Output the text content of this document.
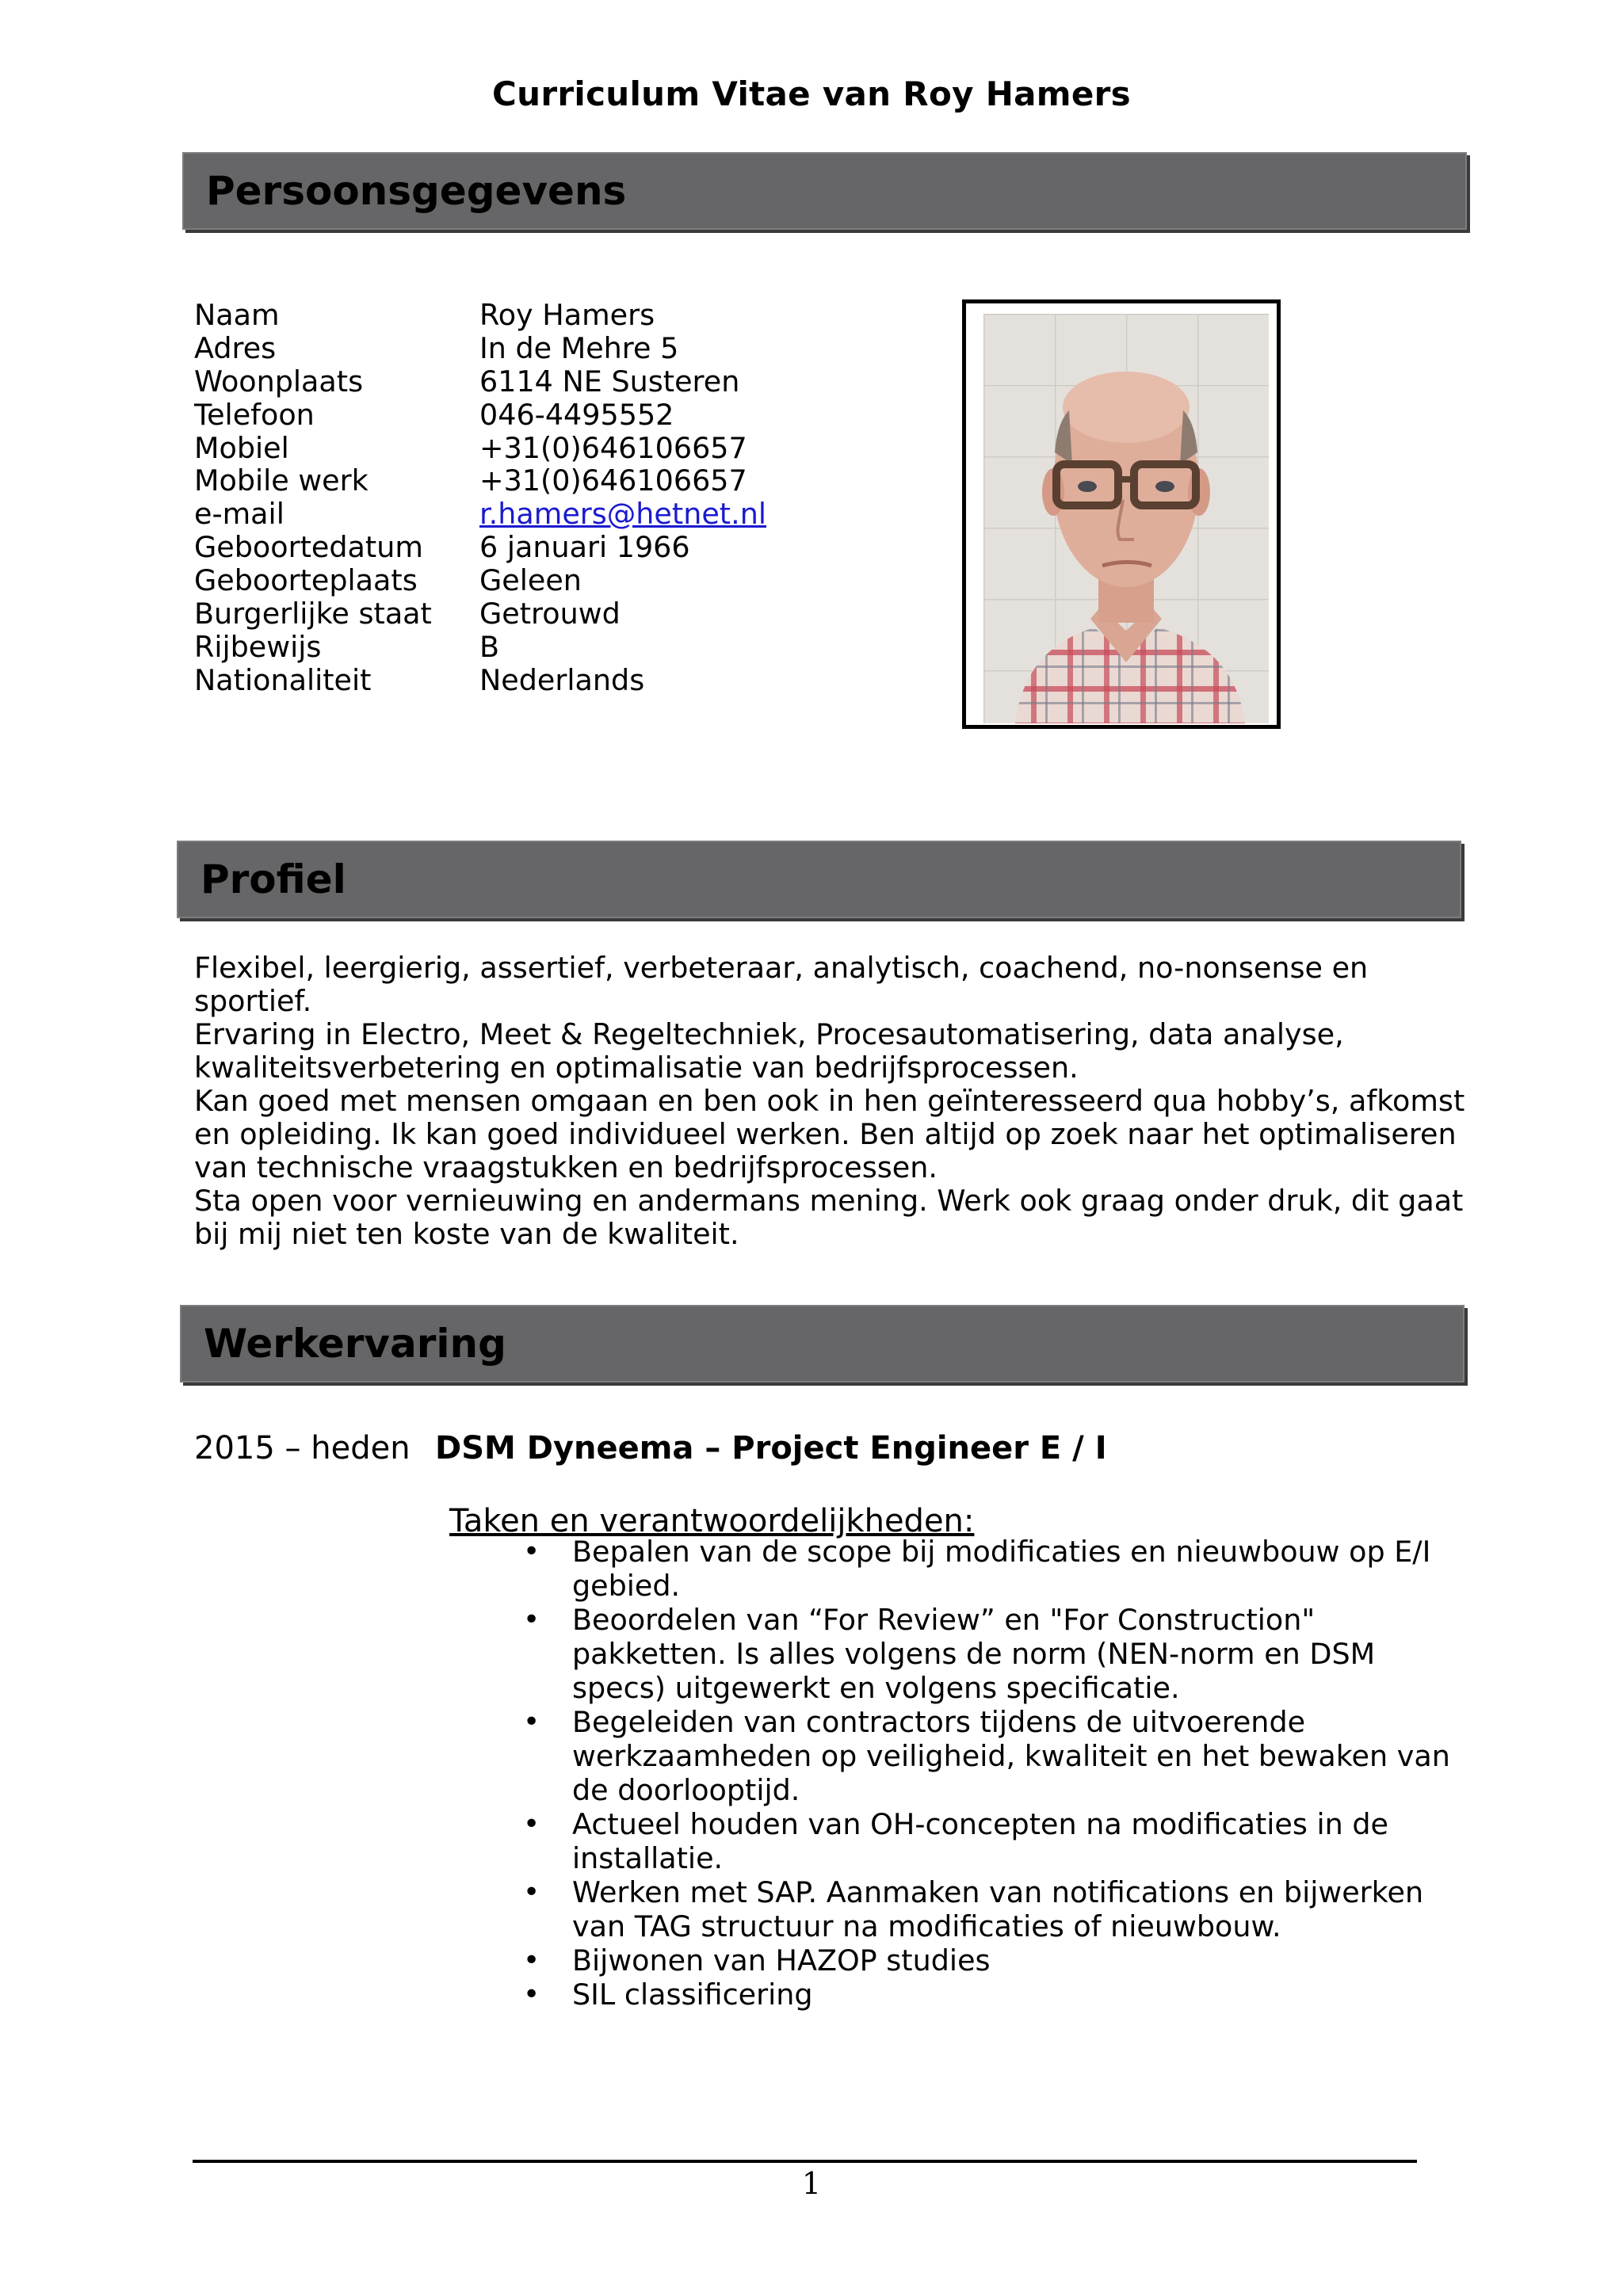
Curriculum Vitae van Roy Hamers
Persoonsgegevens
Naam	Roy Hamers
Adres	In de Mehre 5
Woonplaats	6114 NE Susteren
Telefoon	046-4495552
Mobiel	+31(0)646106657
Mobile werk	+31(0)646106657
e-mail	r.hamers@hetnet.nl
Geboortedatum	6 januari 1966
Geboorteplaats	Geleen
Burgerlijke staat	Getrouwd
Rijbewijs	B
Nationaliteit	Nederlands
Profiel

Flexibel, leergierig, assertief, verbeteraar, analytisch, coachend, no-nonsense en sportief.

Ervaring in Electro, Meet & Regeltechniek, Procesautomatisering, data analyse,

kwaliteitsverbetering en optimalisatie van bedrijfsprocessen.

Kan goed met mensen omgaan en ben ook in hen geïnteresseerd qua hobby’s, afkomst

en opleiding. Ik kan goed individueel werken. Ben altijd op zoek naar het optimaliseren

van technische vraagstukken en bedrijfsprocessen.

Sta open voor vernieuwing en andermans mening. Werk ook graag onder druk, dit gaat

bij mij niet ten koste van de kwaliteit.

Werkervaring
2015 – heden DSM Dyneema – Project Engineer E / I
Taken en verantwoordelijkheden:
• Bepalen van de scope bij modificaties en nieuwbouw op E/I gebied.
• Beoordelen van “For Review” en "For Construction" pakketten. Is alles volgens de norm (NEN-norm en DSM specs) uitgewerkt en volgens specificatie.
• Begeleiden van contractors tijdens de uitvoerende werkzaamheden op veiligheid, kwaliteit en het bewaken van de doorlooptijd.
• Actueel houden van OH-concepten na modificaties in de installatie.
• Werken met SAP. Aanmaken van notifications en bijwerken van TAG structuur na modificaties of nieuwbouw.
• Bijwonen van HAZOP studies
• SIL classificering
1
